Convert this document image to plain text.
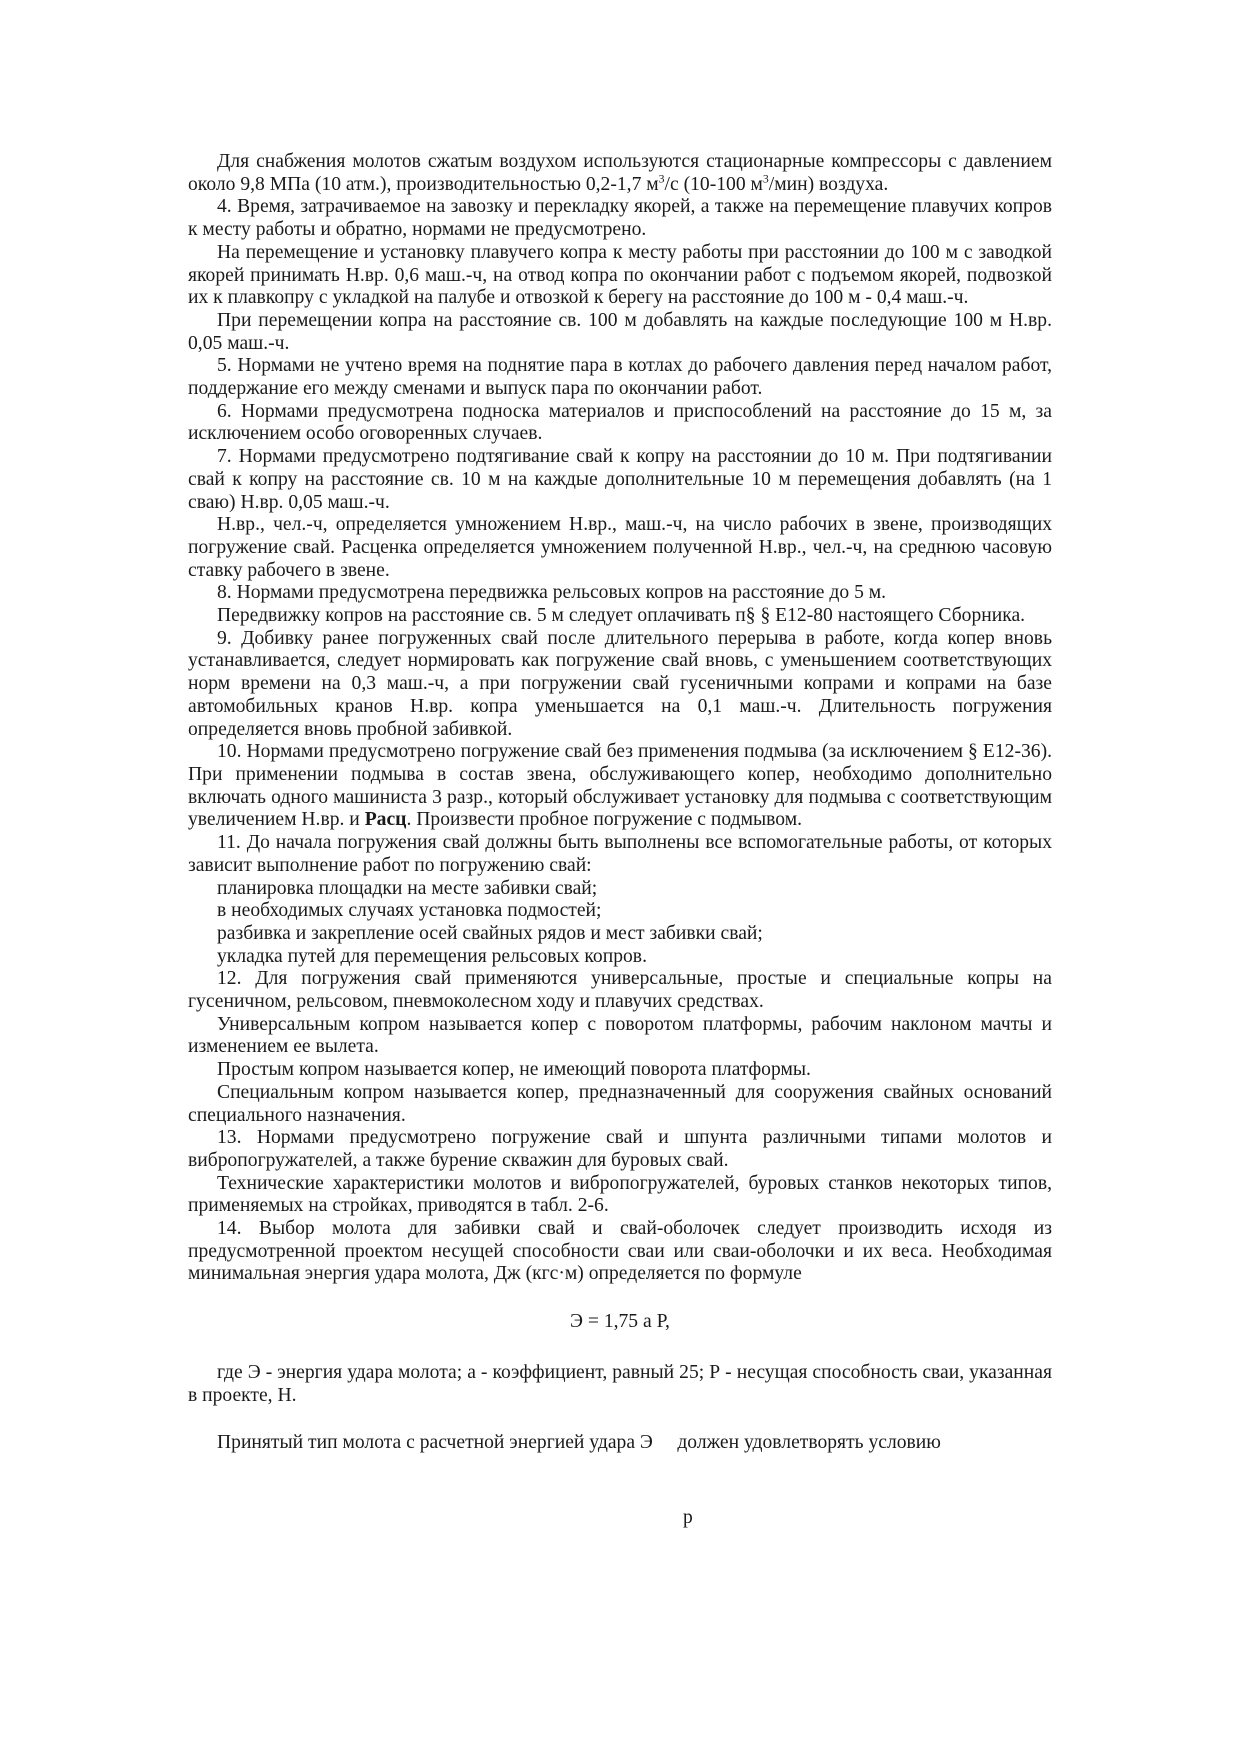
Для снабжения молотов сжатым воздухом используются стационарные компрессоры с давлением около 9,8 МПа (10 атм.), производительностью 0,2-1,7 $м^3/с$ (10-100 $м^3/мин$) воздуха.

4. Время, затрачиваемое на завозку и перекладку якорей, а также на перемещение плавучих копров к месту работы и обратно, нормами не предусмотрено.

На перемещение и установку плавучего копра к месту работы при расстоянии до 100 м с заводкой якорей принимать Н.вр. 0,6 маш.-ч, на отвод копра по окончании работ с подъемом якорей, подвозкой их к плавкопру с укладкой на палубе и отвозкой к берегу на расстояние до 100 м - 0,4 маш.-ч.

При перемещении копра на расстояние св. 100 м добавлять на каждые последующие 100 м Н.вр. 0,05 маш.-ч.

5. Нормами не учтено время на поднятие пара в котлах до рабочего давления перед началом работ, поддержание его между сменами и выпуск пара по окончании работ.

6. Нормами предусмотрена подноска материалов и приспособлений на расстояние до 15 м, за исключением особо оговоренных случаев.

7. Нормами предусмотрено подтягивание свай к копру на расстоянии до 10 м. При подтягивании свай к копру на расстояние св. 10 м на каждые дополнительные 10 м перемещения добавлять (на 1 сваю) Н.вр. 0,05 маш.-ч.

Н.вр., чел.-ч, определяется умножением Н.вр., маш.-ч, на число рабочих в звене, производящих погружение свай. Расценка определяется умножением полученной Н.вр., чел.-ч, на среднюю часовую ставку рабочего в звене.

8. Нормами предусмотрена передвижка рельсовых копров на расстояние до 5 м.

Передвижку копров на расстояние св. 5 м следует оплачивать п§ § Е12-80 настоящего Сборника.

9. Добивку ранее погруженных свай после длительного перерыва в работе, когда копер вновь устанавливается, следует нормировать как погружение свай вновь, с уменьшением соответствующих норм времени на 0,3 маш.-ч, а при погружении свай гусеничными копрами и копрами на базе автомобильных кранов Н.вр. копра уменьшается на 0,1 маш.-ч. Длительность погружения определяется вновь пробной забивкой.

10. Нормами предусмотрено погружение свай без применения подмыва (за исключением § Е12-36). При применении подмыва в состав звена, обслуживающего копер, необходимо дополнительно включать одного машиниста 3 разр., который обслуживает установку для подмыва с соответствующим увеличением Н.вр. и Расц. Произвести пробное погружение с подмывом.

11. До начала погружения свай должны быть выполнены все вспомогательные работы, от которых зависит выполнение работ по погружению свай:

планировка площадки на месте забивки свай;

в необходимых случаях установка подмостей;

разбивка и закрепление осей свайных рядов и мест забивки свай;

укладка путей для перемещения рельсовых копров.

12. Для погружения свай применяются универсальные, простые и специальные копры на гусеничном, рельсовом, пневмоколесном ходу и плавучих средствах.

Универсальным копром называется копер с поворотом платформы, рабочим наклоном мачты и изменением ее вылета.

Простым копром называется копер, не имеющий поворота платформы.

Специальным копром называется копер, предназначенный для сооружения свайных оснований специального назначения.

13. Нормами предусмотрено погружение свай и шпунта различными типами молотов и вибропогружателей, а также бурение скважин для буровых свай.

Технические характеристики молотов и вибропогружателей, буровых станков некоторых типов, применяемых на стройках, приводятся в табл. 2-6.

14. Выбор молота для забивки свай и свай-оболочек следует производить исходя из предусмотренной проектом несущей способности сваи или сваи-оболочки и их веса. Необходимая минимальная энергия удара молота, Дж (кгс·м) определяется по формуле

Э = 1,75 а Р,

где Э - энергия удара молота; а - коэффициент, равный 25; Р - несущая способность сваи, указанная в проекте, Н.

Принятый тип молота с расчетной энергией удара Э     должен удовлетворять условию

р
